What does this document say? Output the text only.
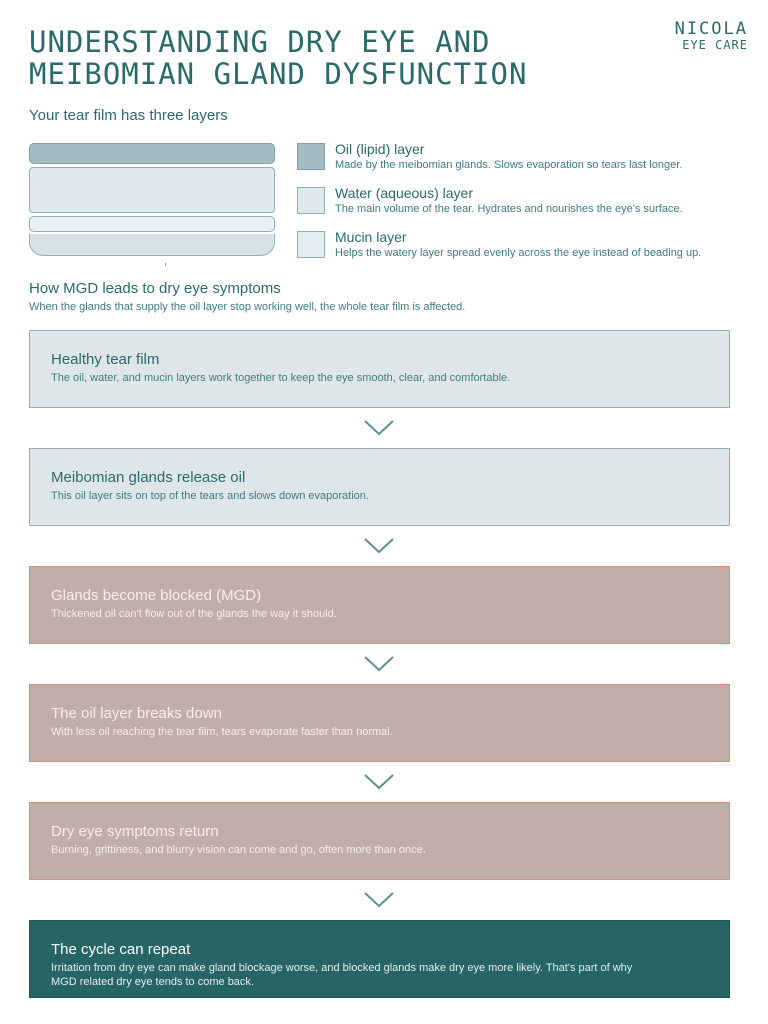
UNDERSTANDING DRY EYE AND
MEIBOMIAN GLAND DYSFUNCTION
NICOLA
EYE CARE
Your tear film has three layers
Oil (lipid) layer
Made by the meibomian glands. Slows evaporation so tears last longer.
Water (aqueous) layer
The main volume of the tear. Hydrates and nourishes the eye's surface.
Mucin layer
Helps the watery layer spread evenly across the eye instead of beading up.
How MGD leads to dry eye symptoms
When the glands that supply the oil layer stop working well, the whole tear film is affected.
Healthy tear film
The oil, water, and mucin layers work together to keep the eye smooth, clear, and comfortable.
Meibomian glands release oil
This oil layer sits on top of the tears and slows down evaporation.
Glands become blocked (MGD)
Thickened oil can't flow out of the glands the way it should.
The oil layer breaks down
With less oil reaching the tear film, tears evaporate faster than normal.
Dry eye symptoms return
Burning, grittiness, and blurry vision can come and go, often more than once.
The cycle can repeat
Irritation from dry eye can make gland blockage worse, and blocked glands make dry eye more likely. That's part of why MGD related dry eye tends to come back.
